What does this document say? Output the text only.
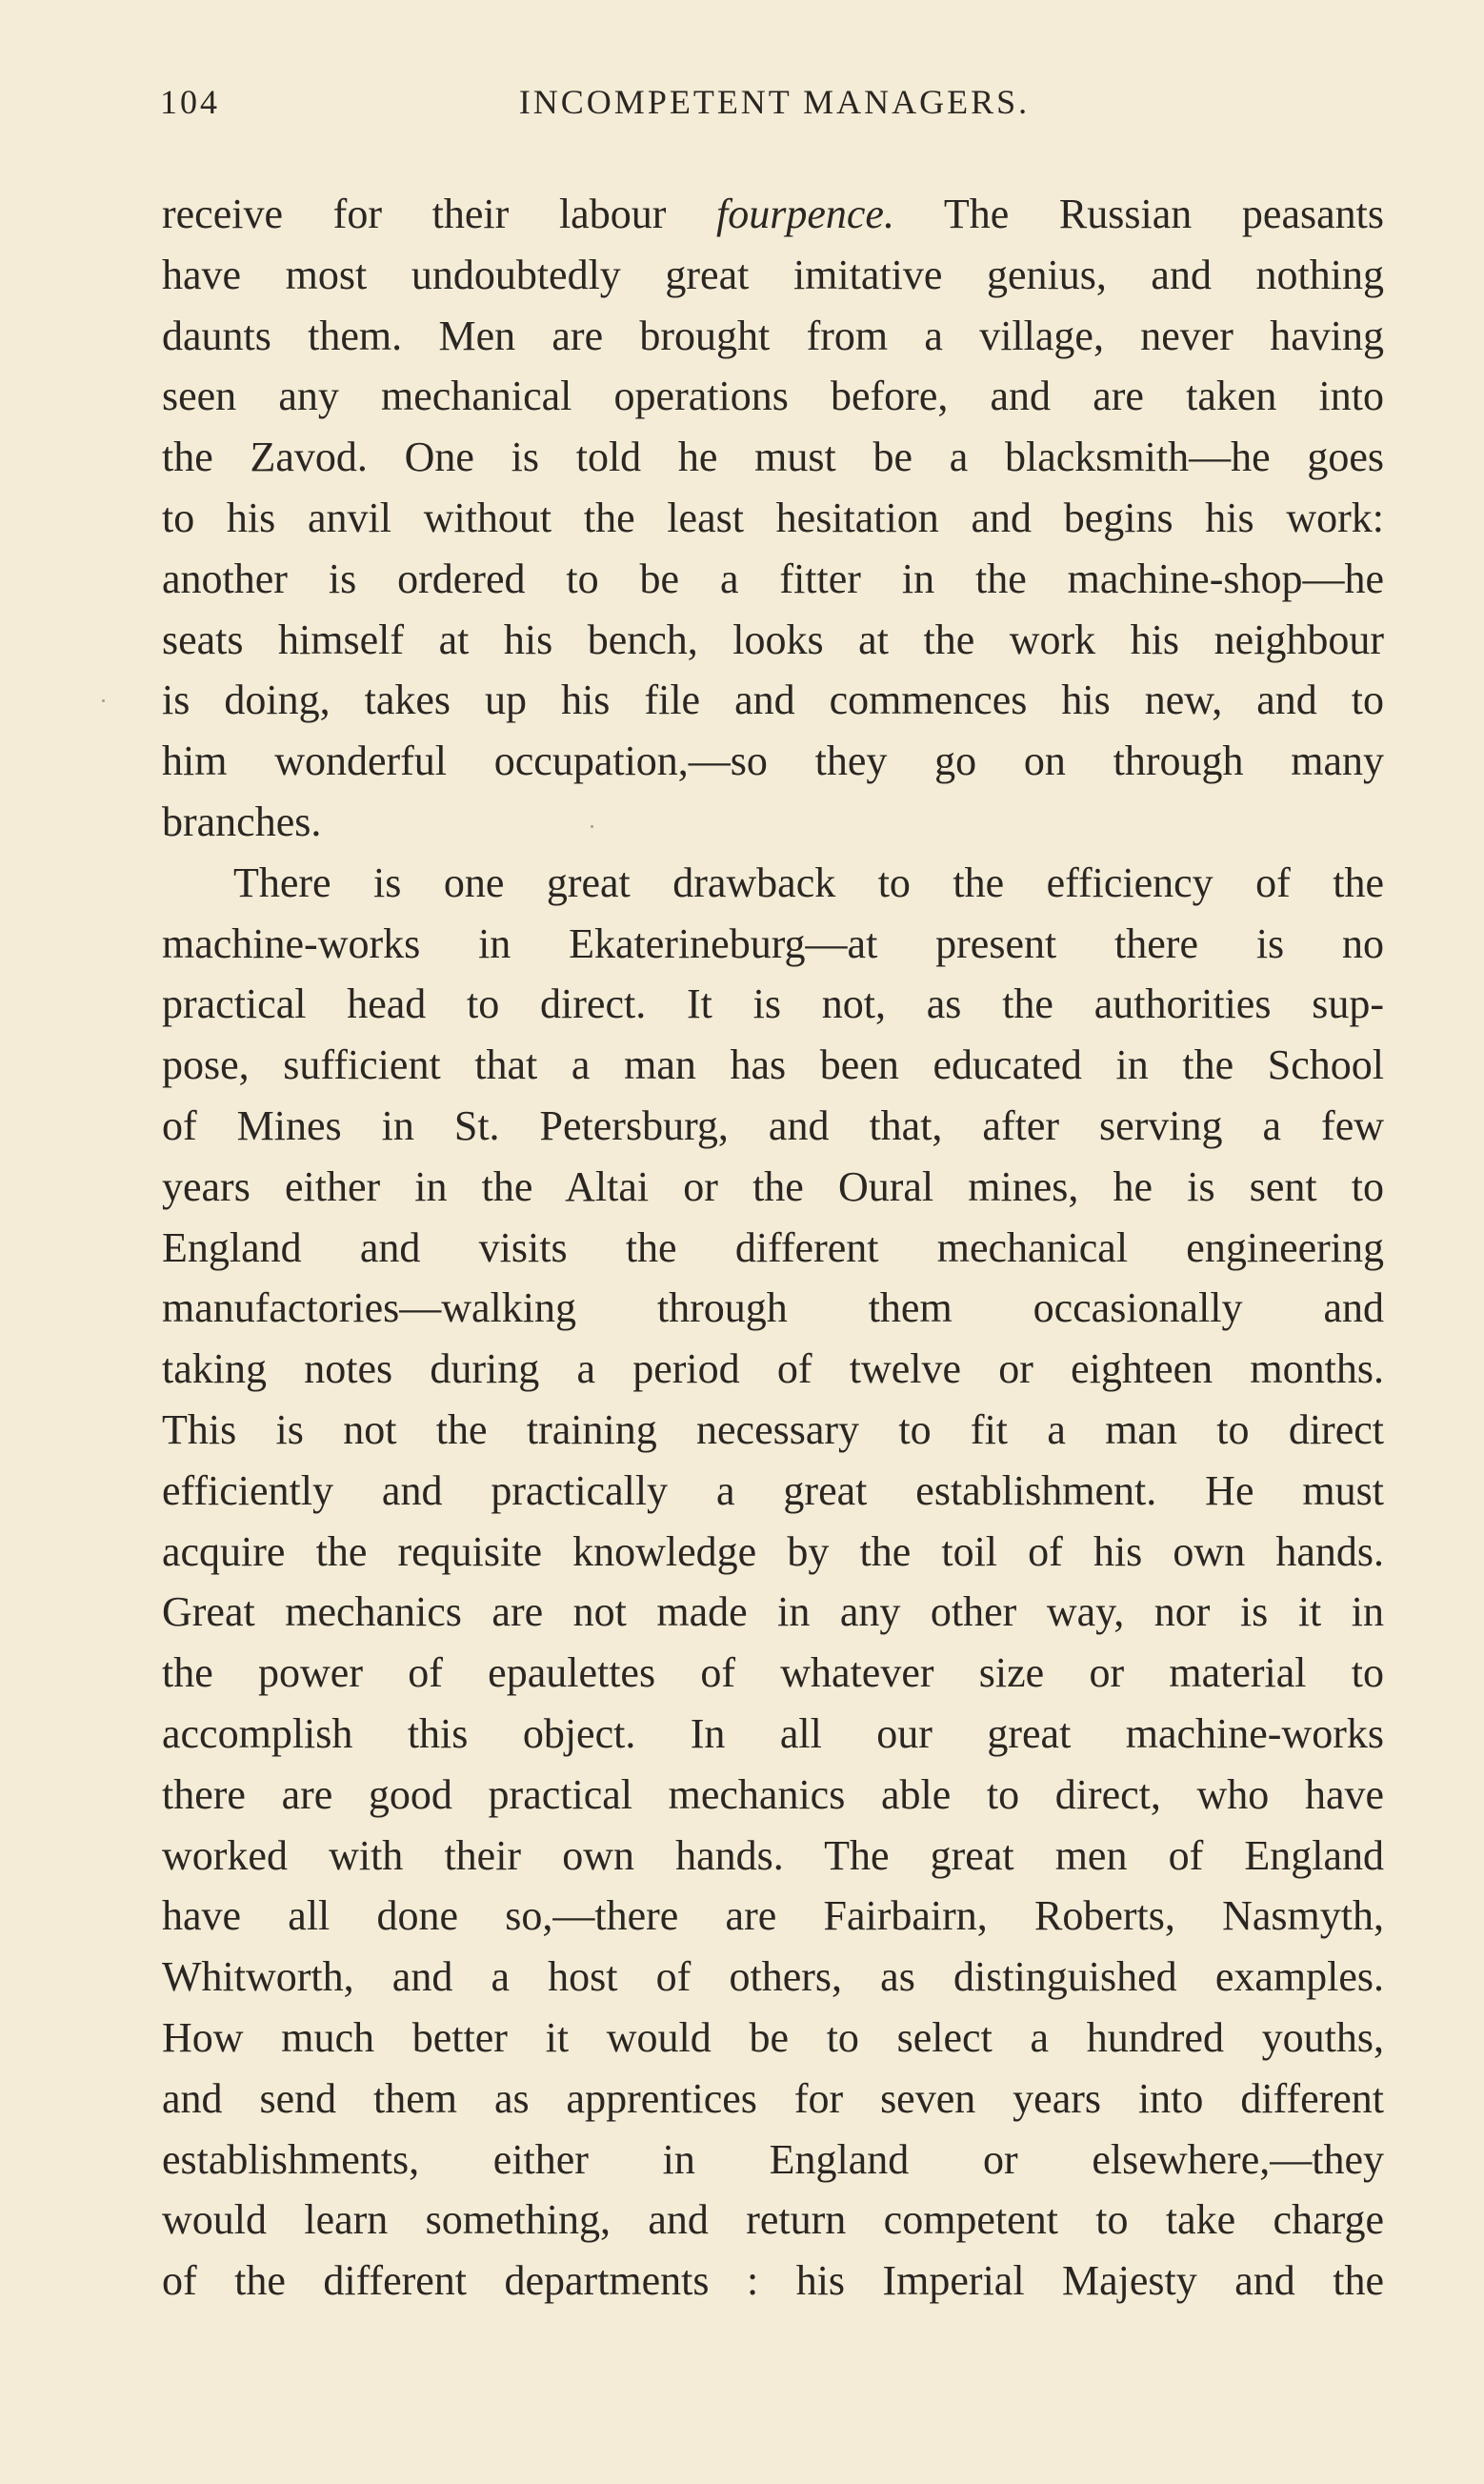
104	INCOMPETENT MANAGERS.
receive for their labour fourpence. The Russian peasants
have most undoubtedly great imitative genius, and nothing
daunts them. Men are brought from a village, never having
seen any mechanical operations before, and are taken into
the Zavod. One is told he must be a blacksmith—he goes
to his anvil without the least hesitation and begins his work:
another is ordered to be a fitter in the machine-shop—he
seats himself at his bench, looks at the work his neighbour
is doing, takes up his file and commences his new, and to
him wonderful occupation,—so they go on through many
branches.
There is one great drawback to the efficiency of the
machine-works in Ekaterineburg—at present there is no
practical head to direct. It is not, as the authorities sup-
pose, sufficient that a man has been educated in the School
of Mines in St. Petersburg, and that, after serving a few
years either in the Altai or the Oural mines, he is sent to
England and visits the different mechanical engineering
manufactories—walking through them occasionally and
taking notes during a period of twelve or eighteen months.
This is not the training necessary to fit a man to direct
efficiently and practically a great establishment. He must
acquire the requisite knowledge by the toil of his own hands.
Great mechanics are not made in any other way, nor is it in
the power of epaulettes of whatever size or material to
accomplish this object. In all our great machine-works
there are good practical mechanics able to direct, who have
worked with their own hands. The great men of England
have all done so,—there are Fairbairn, Roberts, Nasmyth,
Whitworth, and a host of others, as distinguished examples.
How much better it would be to select a hundred youths,
and send them as apprentices for seven years into different
establishments, either in England or elsewhere,—they
would learn something, and return competent to take charge
of the different departments : his Imperial Majesty and the
